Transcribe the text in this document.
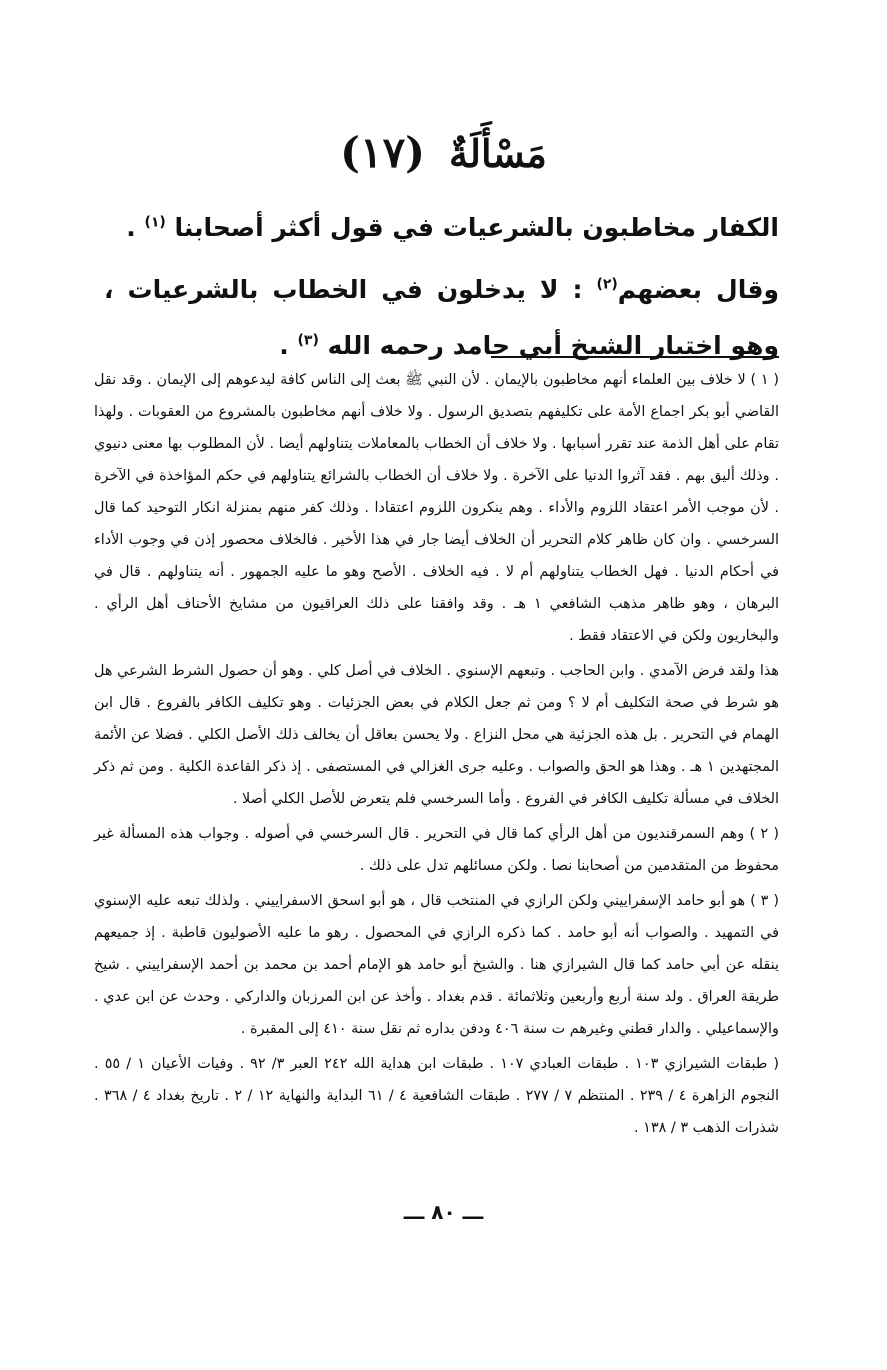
مَسْأَلَةٌ
(١٧)

الكفار مخاطبون بالشرعيات في قول أكثر أصحابنا $^{(١)}$ .

وقال بعضهم$^{(٢)}$ : لا يدخلون في الخطاب بالشرعيات ، وهو اختيار الشيخ أبي حامد رحمه الله $^{(٣)}$ .

( ١ ) لا خلاف بين العلماء أنهم مخاطبون بالإيمان . لأن النبي ﷺ بعث إلى الناس كافة ليدعوهم إلى الإيمان . وقد نقل القاضي أبو بكر اجماع الأمة على تكليفهم بتصديق الرسول . ولا خلاف أنهم مخاطبون بالمشروع من العقوبات . ولهذا تقام على أهل الذمة عند تقرر أسبابها . ولا خلاف أن الخطاب بالمعاملات يتناولهم أيضا . لأن المطلوب بها معنى دنيوي . وذلك أليق بهم . فقد آثروا الدنيا على الآخرة . ولا خلاف أن الخطاب بالشرائع يتناولهم في حكم المؤاخذة في الآخرة . لأن موجب الأمر اعتقاد اللزوم والأداء . وهم ينكرون اللزوم اعتقادا . وذلك كفر منهم بمنزلة انكار التوحيد كما قال السرخسي . وان كان ظاهر كلام التحرير أن الخلاف أيضا جار في هذا الأخير . فالخلاف محصور إذن في وجوب الأداء في أحكام الدنيا . فهل الخطاب يتناولهم أم لا . فيه الخلاف . الأصح وهو ما عليه الجمهور . أنه يتناولهم . قال في البرهان ، وهو ظاهر مذهب الشافعي ١ هـ . وقد وافقنا على ذلك العراقيون من مشايخ الأحناف أهل الرأي . والبخاريون ولكن في الاعتقاد فقط .

هذا ولقد فرض الآمدي . وابن الحاجب . وتبعهم الإسنوي . الخلاف في أصل كلي . وهو أن حصول الشرط الشرعي هل هو شرط في صحة التكليف أم لا ؟ ومن ثم جعل الكلام في بعض الجزئيات . وهو تكليف الكافر بالفروع . قال ابن الهمام في التحرير . بل هذه الجزئية هي محل النزاع . ولا يحسن بعاقل أن يخالف ذلك الأصل الكلي . فضلا عن الأئمة المجتهدين ١ هـ . وهذا هو الحق والصواب . وعليه جرى الغزالي في المستصفى . إذ ذكر القاعدة الكلية . ومن ثم ذكر الخلاف في مسألة تكليف الكافر في الفروع . وأما السرخسي فلم يتعرض للأصل الكلي أصلا .

( ٢ ) وهم السمرقنديون من أهل الرأي كما قال في التحرير . قال السرخسي في أصوله . وجواب هذه المسألة غير محفوظ من المتقدمين من أصحابنا نصا . ولكن مسائلهم تدل على ذلك .

( ٣ ) هو أبو حامد الإسفراييني ولكن الرازي في المنتخب قال ، هو أبو اسحق الاسفراييني . ولذلك تبعه عليه الإسنوي في التمهيد . والصواب أنه أبو حامد . كما ذكره الرازي في المحصول . رهو ما عليه الأصوليون قاطبة . إذ جميعهم ينقله عن أبي حامد كما قال الشيرازي هنا . والشيخ أبو حامد هو الإمام أحمد بن محمد بن أحمد الإسفراييني . شيخ طريقة العراق . ولد سنة أربع وأربعين وثلاثمائة . قدم بغداد . وأخذ عن ابن المرزبان والداركي . وحدث عن ابن عدي . والإسماعيلي . والدار قطني وغيرهم ت سنة ٤٠٦ ودفن بداره ثم نقل سنة ٤١٠ إلى المقبرة .

( طبقات الشيرازي ١٠٣ . طبقات العبادي ١٠٧ . طبقات ابن هداية الله ٢٤٢ العبر ٣/ ٩٢ . وفيات الأعيان ١ / ٥٥ . النجوم الزاهرة ٤ / ٢٣٩ . المنتظم ٧ / ٢٧٧ . طبقات الشافعية ٤ / ٦١ البداية والنهاية ١٢ / ٢ . تاريخ بغداد ٤ / ٣٦٨ . شذرات الذهب ٣ / ١٣٨ .

ـــ ٨٠ ـــ
